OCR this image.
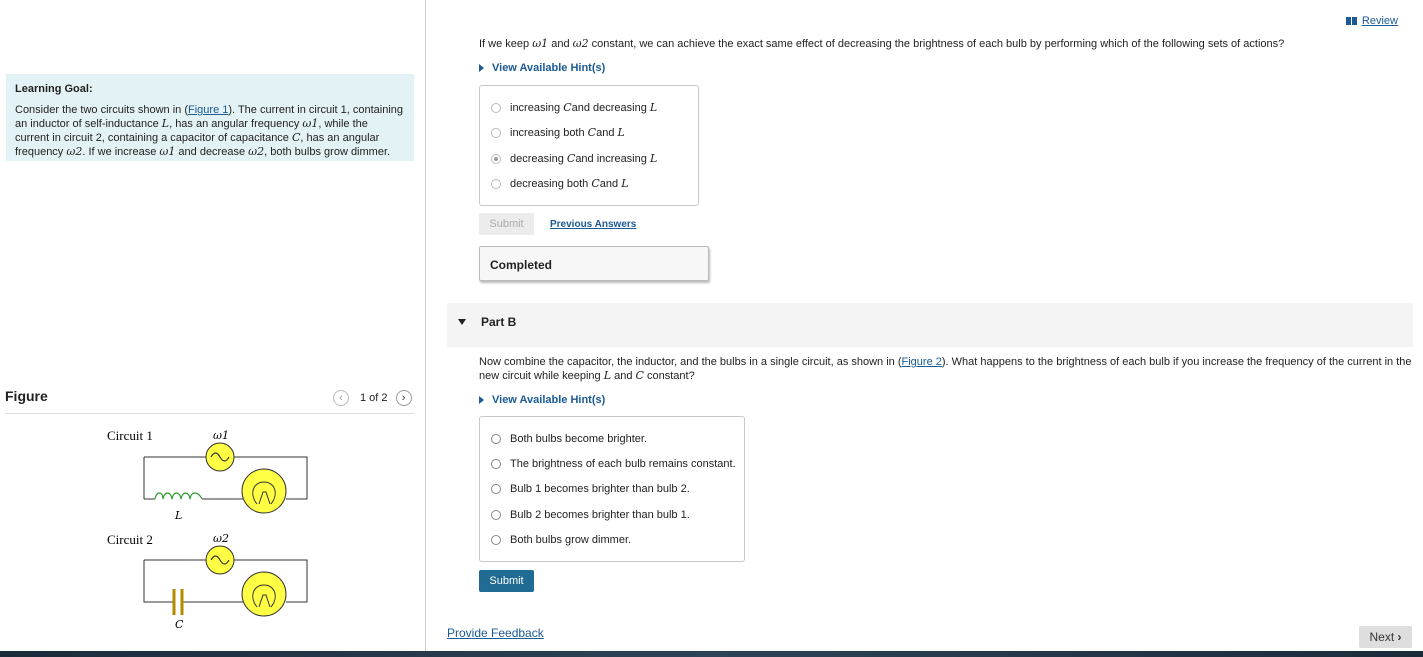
Learning Goal:
Consider the two circuits shown in (Figure 1). The current in circuit 1, containing an inductor of self-inductance L, has an angular frequency ω1, while the current in circuit 2, containing a capacitor of capacitance C, has an angular frequency ω2. If we increase ω1 and decrease ω2, both bulbs grow dimmer.
Figure	‹ 1 of 2 ›
Circuit 1	ω1
L
Circuit 2	ω2
C
Review
If we keep ω1 and ω2 constant, we can achieve the exact same effect of decreasing the brightness of each bulb by performing which of the following sets of actions?
View Available Hint(s)
increasing
C and decreasing
L
increasing both
C and
L
decreasing
C and increasing
L
decreasing both
C and
L
Submit	Previous Answers
Completed
Part B
Now combine the capacitor, the inductor, and the bulbs in a single circuit, as shown in (Figure 2). What happens to the brightness of each bulb if you increase the frequency of the current in the new circuit while keeping L and C constant?
View Available Hint(s)
Both bulbs become brighter.
The brightness of each bulb remains constant.
Bulb 1 becomes brighter than bulb 2.
Bulb 2 becomes brighter than bulb 1.
Both bulbs grow dimmer.
Submit
Provide Feedback	Next
›
